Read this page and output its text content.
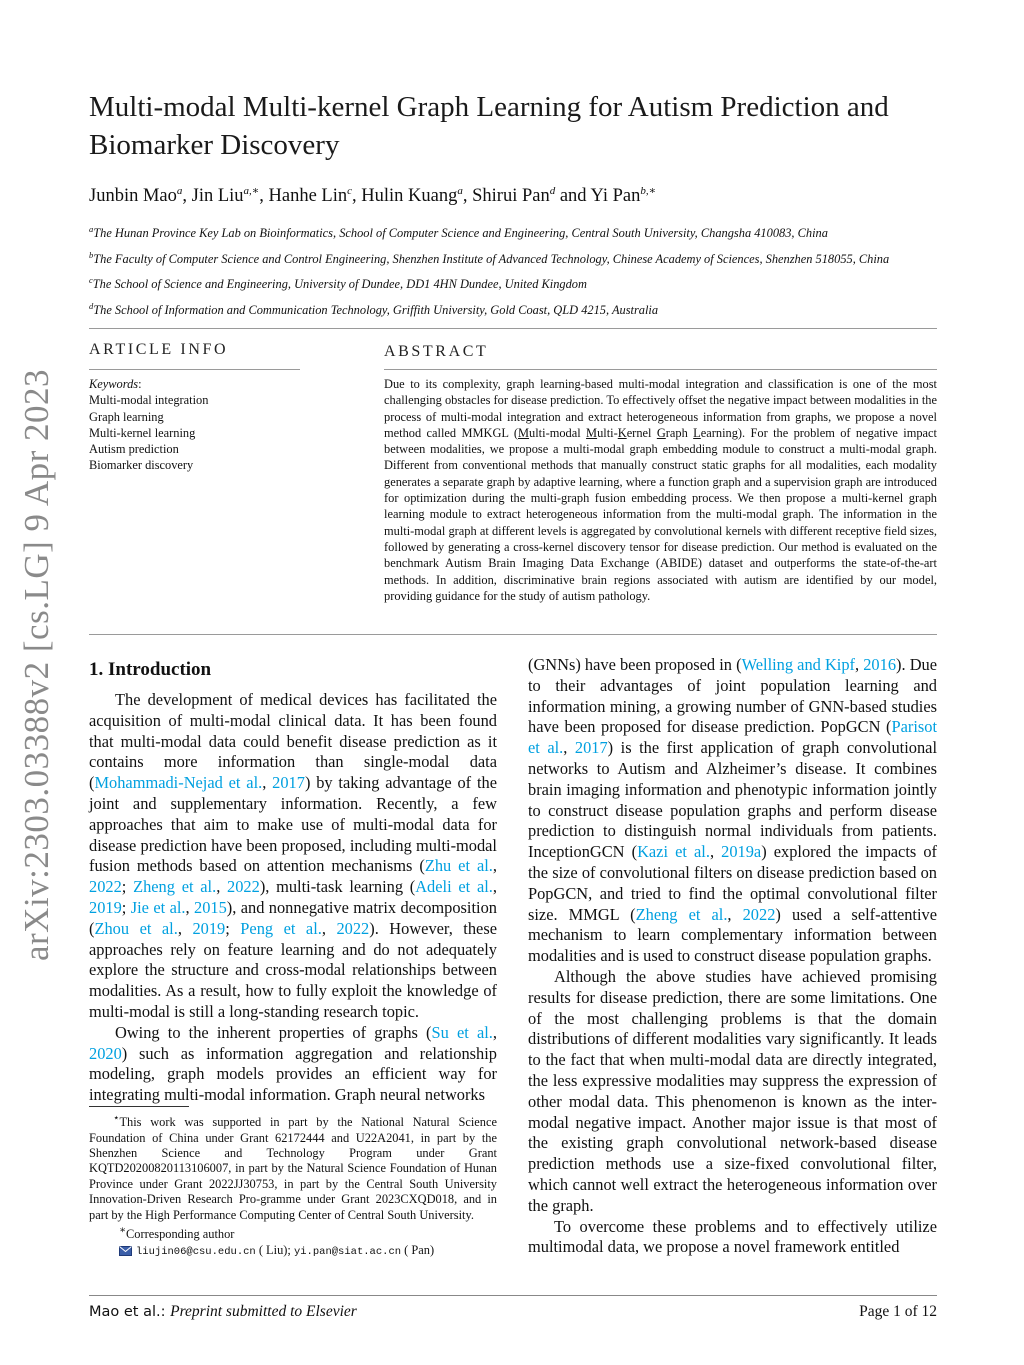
arXiv:2303.03388v2 [cs.LG] 9 Apr 2023
Multi-modal Multi-kernel Graph Learning for Autism Prediction and Biomarker Discovery
Junbin Mao$^a$, Jin Liu$^{a,∗}$, Hanhe Lin$^c$, Hulin Kuang$^a$, Shirui Pan$^d$ and Yi Pan$^{b,∗}$
$^a$The Hunan Province Key Lab on Bioinformatics, School of Computer Science and Engineering, Central South University, Changsha 410083, China
$^b$The Faculty of Computer Science and Control Engineering, Shenzhen Institute of Advanced Technology, Chinese Academy of Sciences, Shenzhen 518055, China
$^c$The School of Science and Engineering, University of Dundee, DD1 4HN Dundee, United Kingdom
$^d$The School of Information and Communication Technology, Griffith University, Gold Coast, QLD 4215, Australia
ARTICLE INFO	ABSTRACT
Keywords:
Multi-modal integration
Graph learning
Multi-kernel learning
Autism prediction
Biomarker discovery

Due to its complexity, graph learning-based multi-modal integration and classification is one of the most challenging obstacles for disease prediction. To effectively offset the negative impact between modalities in the process of multi-modal integration and extract heterogeneous information from graphs, we propose a novel method called MMKGL (Multi-modal Multi-Kernel Graph Learning). For the problem of negative impact between modalities, we propose a multi-modal graph embedding module to construct a multi-modal graph. Different from conventional methods that manually construct static graphs for all modalities, each modality generates a separate graph by adaptive learning, where a function graph and a supervision graph are introduced for optimization during the multi-graph fusion embedding process. We then propose a multi-kernel graph learning module to extract heterogeneous information from the multi-modal graph. The information in the multi-modal graph at different levels is aggregated by convolutional kernels with different receptive field sizes, followed by generating a cross-kernel discovery tensor for disease prediction. Our method is evaluated on the benchmark Autism Brain Imaging Data Exchange (ABIDE) dataset and outperforms the state-of-the-art methods. In addition, discriminative brain regions associated with autism are identified by our model, providing guidance for the study of autism pathology.

1. Introduction

The development of medical devices has facilitated the acquisition of multi-modal clinical data. It has been found that multi-modal data could benefit disease prediction as it contains more information than single-modal data (Mohammadi-Nejad et al., 2017) by taking advantage of the joint and supplementary information. Recently, a few approaches that aim to make use of multi-modal data for disease prediction have been proposed, including multi-modal fusion methods based on attention mechanisms (Zhu et al., 2022; Zheng et al., 2022), multi-task learning (Adeli et al., 2019; Jie et al., 2015), and nonnegative matrix decomposition (Zhou et al., 2019; Peng et al., 2022). However, these approaches rely on feature learning and do not adequately explore the structure and cross-modal relationships between modalities. As a result, how to fully exploit the knowledge of multi-modal is still a long-standing research topic.

Owing to the inherent properties of graphs (Su et al., 2020) such as information aggregation and relationship modeling, graph models provides an efficient way for integrating multi-modal information. Graph neural networks

(GNNs) have been proposed in (Welling and Kipf, 2016). Due to their advantages of joint population learning and information mining, a growing number of GNN-based studies have been proposed for disease prediction. PopGCN (Parisot et al., 2017) is the first application of graph convolutional networks to Autism and Alzheimer’s disease. It combines brain imaging information and phenotypic information jointly to construct disease population graphs and perform disease prediction to distinguish normal individuals from patients. InceptionGCN (Kazi et al., 2019a) explored the impacts of the size of convolutional filters on disease prediction based on PopGCN, and tried to find the optimal convolutional filter size. MMGL (Zheng et al., 2022) used a self-attentive mechanism to learn complementary information between modalities and is used to construct disease population graphs.

Although the above studies have achieved promising results for disease prediction, there are some limitations. One of the most challenging problems is that the domain distributions of different modalities vary significantly. It leads to the fact that when multi-modal data are directly integrated, the less expressive modalities may suppress the expression of other modal data. This phenomenon is known as the inter-modal negative impact. Another major issue is that most of the existing graph convolutional network-based disease prediction methods use a size-fixed convolutional filter, which cannot well extract the heterogeneous information over the graph.

To overcome these problems and to effectively utilize multimodal data, we propose a novel framework entitled

⋆This work was supported in part by the National Natural Science Foundation of China under Grant 62172444 and U22A2041, in part by the Shenzhen Science and Technology Program under Grant KQTD20200820113106007, in part by the Natural Science Foundation of Hunan Province under Grant 2022JJ30753, in part by the Central South University Innovation-Driven Research Pro-gramme under Grant 2023CXQD018, and in part by the High Performance Computing Center of Central South University.

∗Corresponding author
liujin06@csu.edu.cn ( Liu); yi.pan@siat.ac.cn ( Pan)
Mao et al.: Preprint submitted to Elsevier	Page 1 of 12
